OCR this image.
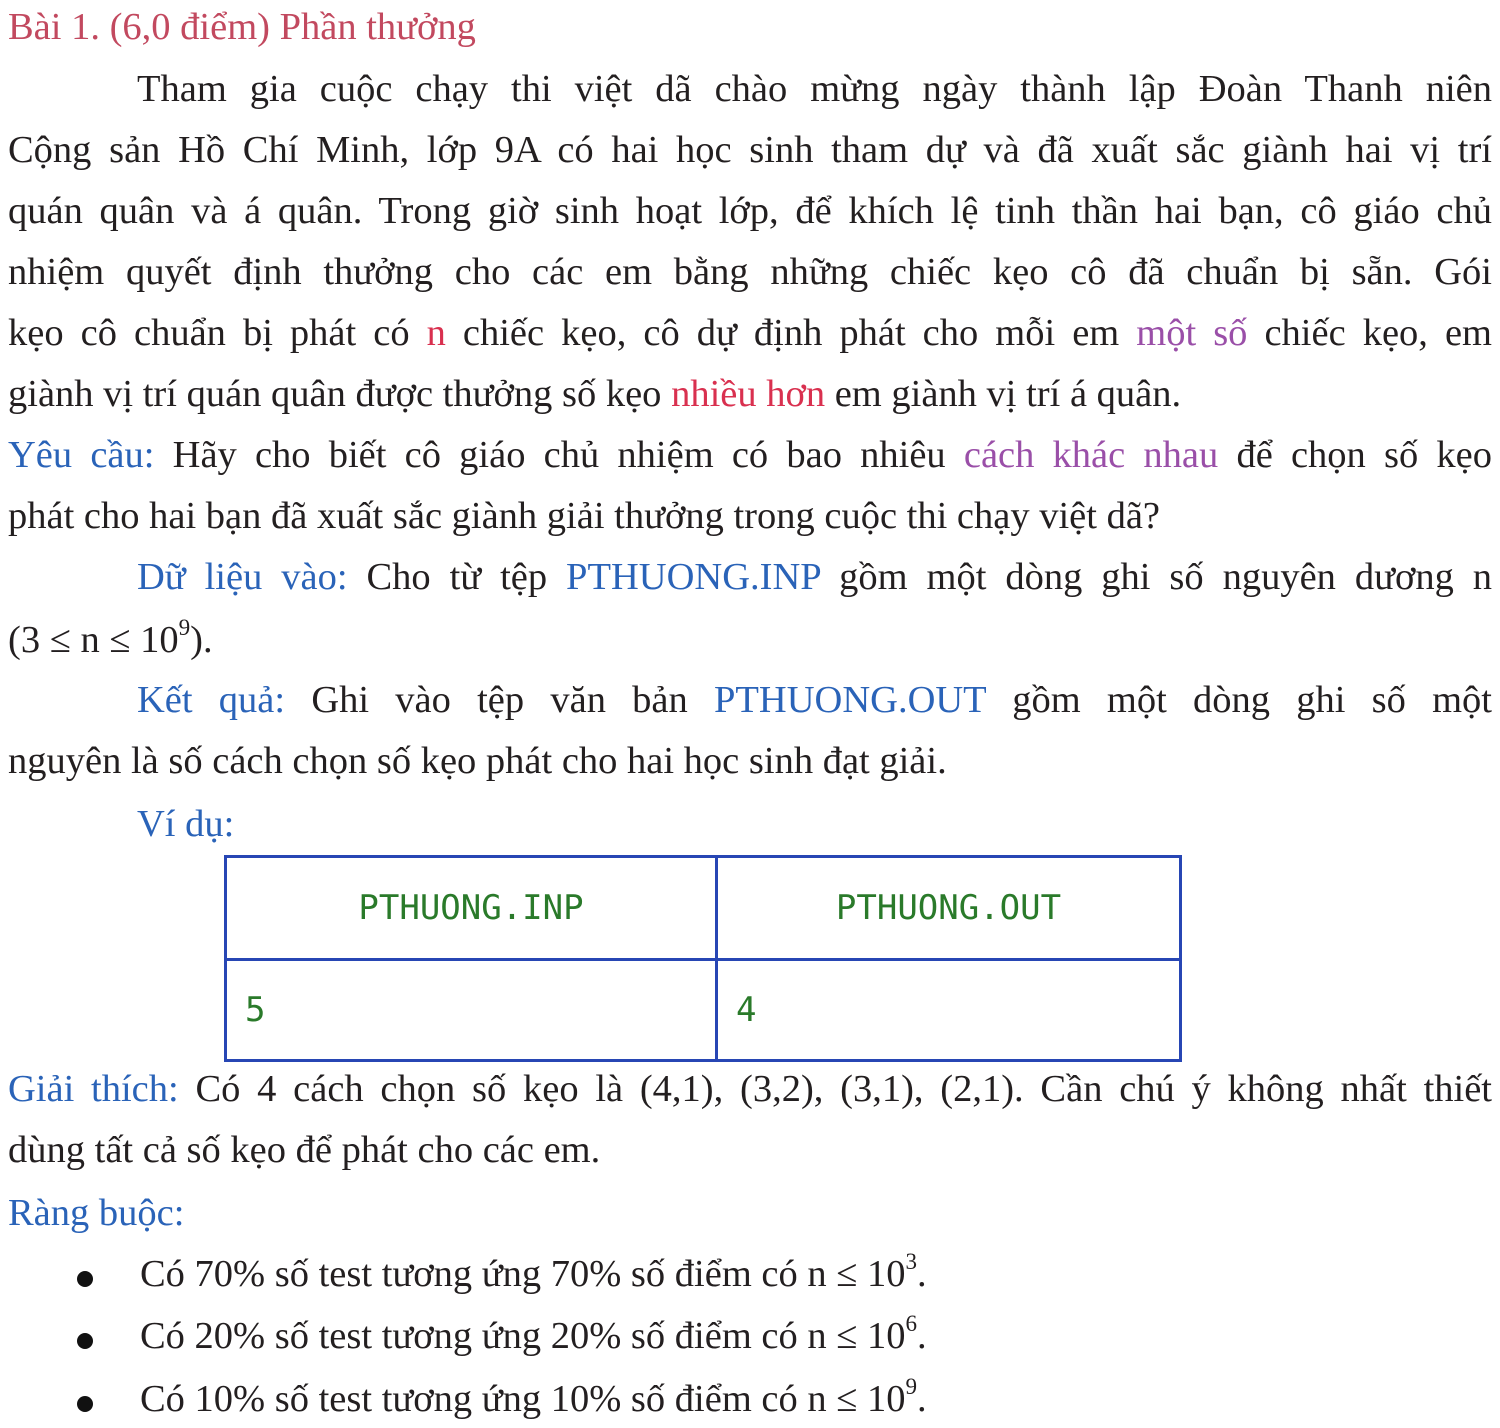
Bài 1. (6,0 điểm) Phần thưởng
Tham gia cuộc chạy thi việt dã chào mừng ngày thành lập Đoàn Thanh niên
Cộng sản Hồ Chí Minh, lớp 9A có hai học sinh tham dự và đã xuất sắc giành hai vị trí
quán quân và á quân. Trong giờ sinh hoạt lớp, để khích lệ tinh thần hai bạn, cô giáo chủ
nhiệm quyết định thưởng cho các em bằng những chiếc kẹo cô đã chuẩn bị sẵn. Gói
kẹo cô chuẩn bị phát có n chiếc kẹo, cô dự định phát cho mỗi em một số chiếc kẹo, em
giành vị trí quán quân được thưởng số kẹo nhiều hơn em giành vị trí á quân.
Yêu cầu: Hãy cho biết cô giáo chủ nhiệm có bao nhiêu cách khác nhau để chọn số kẹo
phát cho hai bạn đã xuất sắc giành giải thưởng trong cuộc thi chạy việt dã?
Dữ liệu vào: Cho từ tệp PTHUONG.INP gồm một dòng ghi số nguyên dương n
$(3 \le n \le 10^9)$.
Kết quả: Ghi vào tệp văn bản PTHUONG.OUT gồm một dòng ghi số một
nguyên là số cách chọn số kẹo phát cho hai học sinh đạt giải.
Ví dụ:
PTHUONG.INP	PTHUONG.OUT
5	4
Giải thích: Có 4 cách chọn số kẹo là (4,1), (3,2), (3,1), (2,1). Cần chú ý không nhất thiết
dùng tất cả số kẹo để phát cho các em.
Ràng buộc:
Có 70% số test tương ứng 70% số điểm có $n \le 10^3$.
Có 20% số test tương ứng 20% số điểm có $n \le 10^6$.
Có 10% số test tương ứng 10% số điểm có $n \le 10^9$.
